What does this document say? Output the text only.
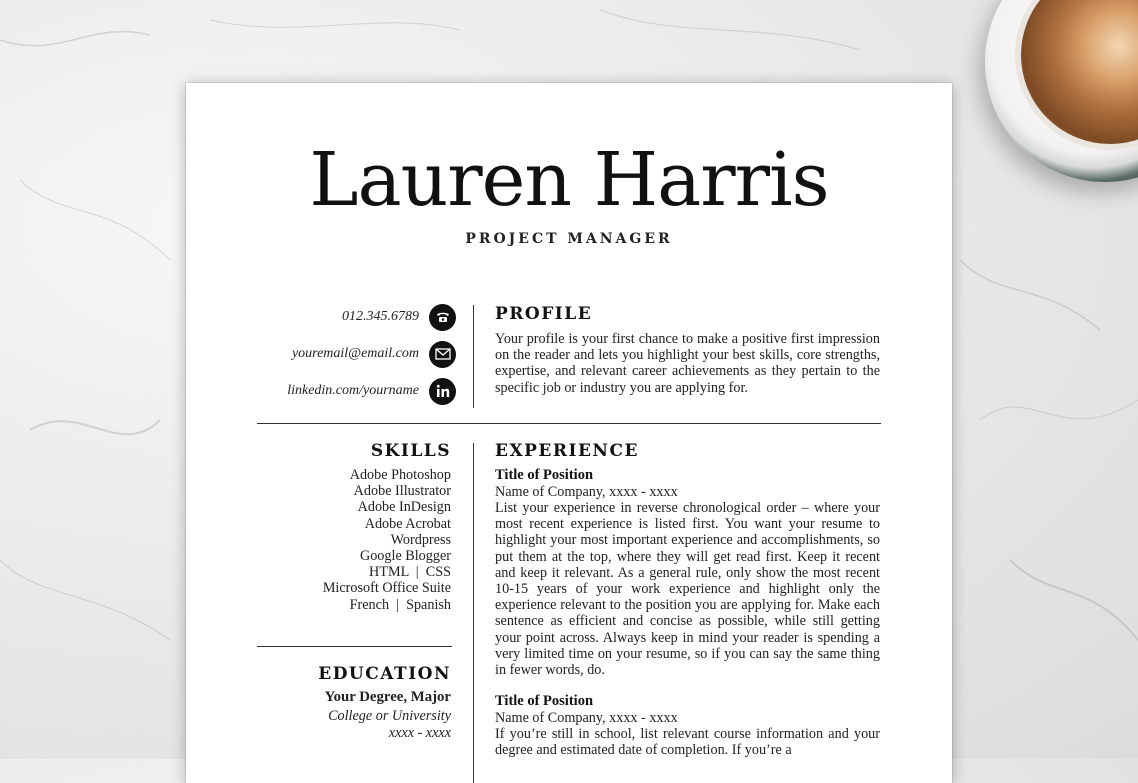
Lauren Harris
PROJECT MANAGER
012.345.6789
youremail@email.com
linkedin.com/yourname
PROFILE
Your profile is your first chance to make a positive first impression on the reader and lets you highlight your best skills, core strengths, expertise, and relevant career achievements as they pertain to the specific job or industry you are applying for.
SKILLS
Adobe Photoshop
Adobe Illustrator
Adobe InDesign
Adobe Acrobat
Wordpress
Google Blogger
HTML  |  CSS
Microsoft Office Suite
French  |  Spanish
EDUCATION
Your Degree, Major
College or University
xxxx - xxxx
EXPERIENCE
Title of Position
Name of Company, xxxx - xxxx
List your experience in reverse chronological order – where your most recent experience is listed first. You want your resume to highlight your most important experience and accomplishments, so put them at the top, where they will get read first. Keep it recent and keep it relevant. As a general rule, only show the most recent 10-15 years of your work experience and highlight only the experience relevant to the position you are applying for. Make each sentence as efficient and concise as possible, while still getting your point across. Always keep in mind your reader is spending a very limited time on your resume, so if you can say the same thing in fewer words, do.
Title of Position
Name of Company, xxxx - xxxx
If you’re still in school, list relevant course information and your degree and estimated date of completion. If you’re a
